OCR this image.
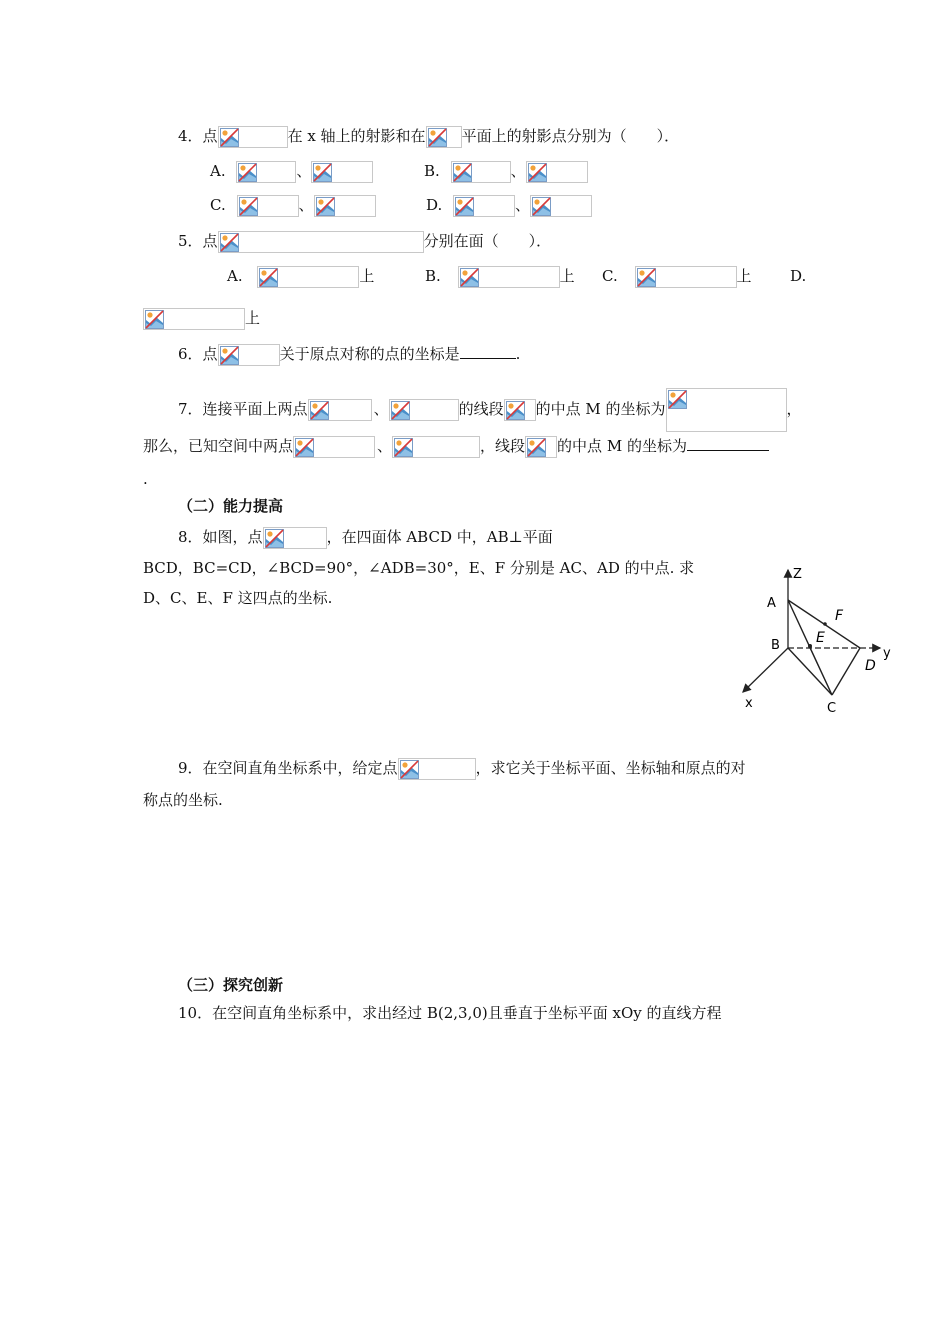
4．点	在 x 轴上的射影和在 平面上的射影点分别为（　　）．
A.	、	B.	、
C.	、	D.	、
5．点	分别在面（　　）．
A.	上	B.	上 C.	上	D.
上
6．点	关于原点对称的点的坐标是	.
7．连接平面上两点	、	的线段 的中点 M 的坐标为	，
那么，已知空间中两点	、	，线段 的中点 M 的坐标为
.
（二）能力提高
8．如图，点	，在四面体 ABCD 中，AB⊥平面
BCD，BC=CD，∠BCD=90°，∠ADB=30°，E、F 分别是 AC、AD 的中点. 求
D、C、E、F 这四点的坐标.
Z
A
B
C
D
E
F
x
y
9．在空间直角坐标系中，给定点	，求它关于坐标平面、坐标轴和原点的对
称点的坐标.
（三）探究创新
10．在空间直角坐标系中，求出经过 B(2,3,0)且垂直于坐标平面 xOy 的直线方程
